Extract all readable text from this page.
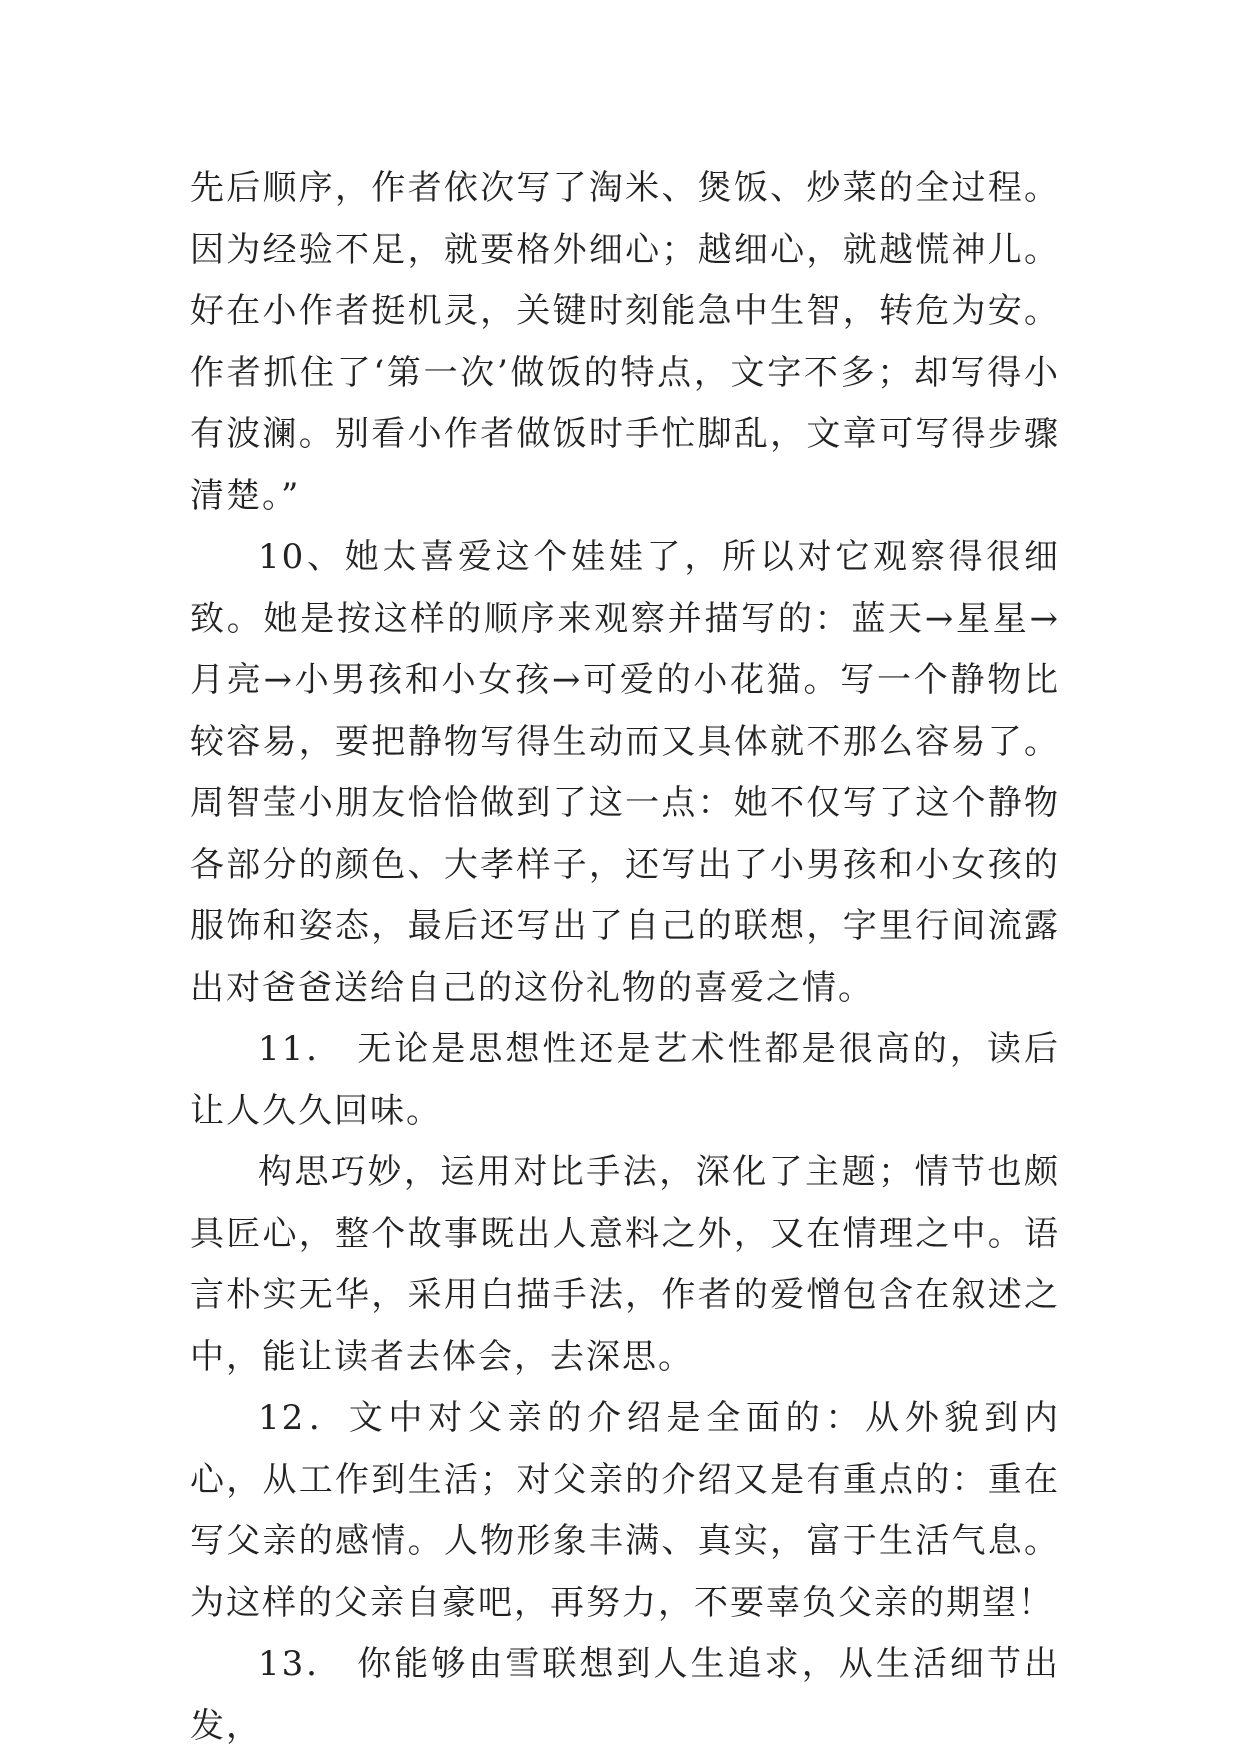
先后顺序，作者依次写了淘米、煲饭、炒菜的全过程。因为经验不足，就要格外细心；越细心，就越慌神儿。好在小作者挺机灵，关键时刻能急中生智，转危为安。作者抓住了‘第一次’做饭的特点，文字不多；却写得小有波澜。别看小作者做饭时手忙脚乱，文章可写得步骤清楚。”

10、她太喜爱这个娃娃了，所以对它观察得很细致。她是按这样的顺序来观察并描写的：蓝天→星星→月亮→小男孩和小女孩→可爱的小花猫。写一个静物比较容易，要把静物写得生动而又具体就不那么容易了。周智莹小朋友恰恰做到了这一点：她不仅写了这个静物各部分的颜色、大孝样子，还写出了小男孩和小女孩的服饰和姿态，最后还写出了自己的联想，字里行间流露出对爸爸送给自己的这份礼物的喜爱之情。

11． 无论是思想性还是艺术性都是很高的，读后让人久久回味。

构思巧妙，运用对比手法，深化了主题；情节也颇具匠心，整个故事既出人意料之外，又在情理之中。语言朴实无华，采用白描手法，作者的爱憎包含在叙述之中，能让读者去体会，去深思。

12．文中对父亲的介绍是全面的：从外貌到内心，从工作到生活；对父亲的介绍又是有重点的：重在写父亲的感情。人物形象丰满、真实，富于生活气息。为这样的父亲自豪吧，再努力，不要辜负父亲的期望！

13． 你能够由雪联想到人生追求，从生活细节出发，
